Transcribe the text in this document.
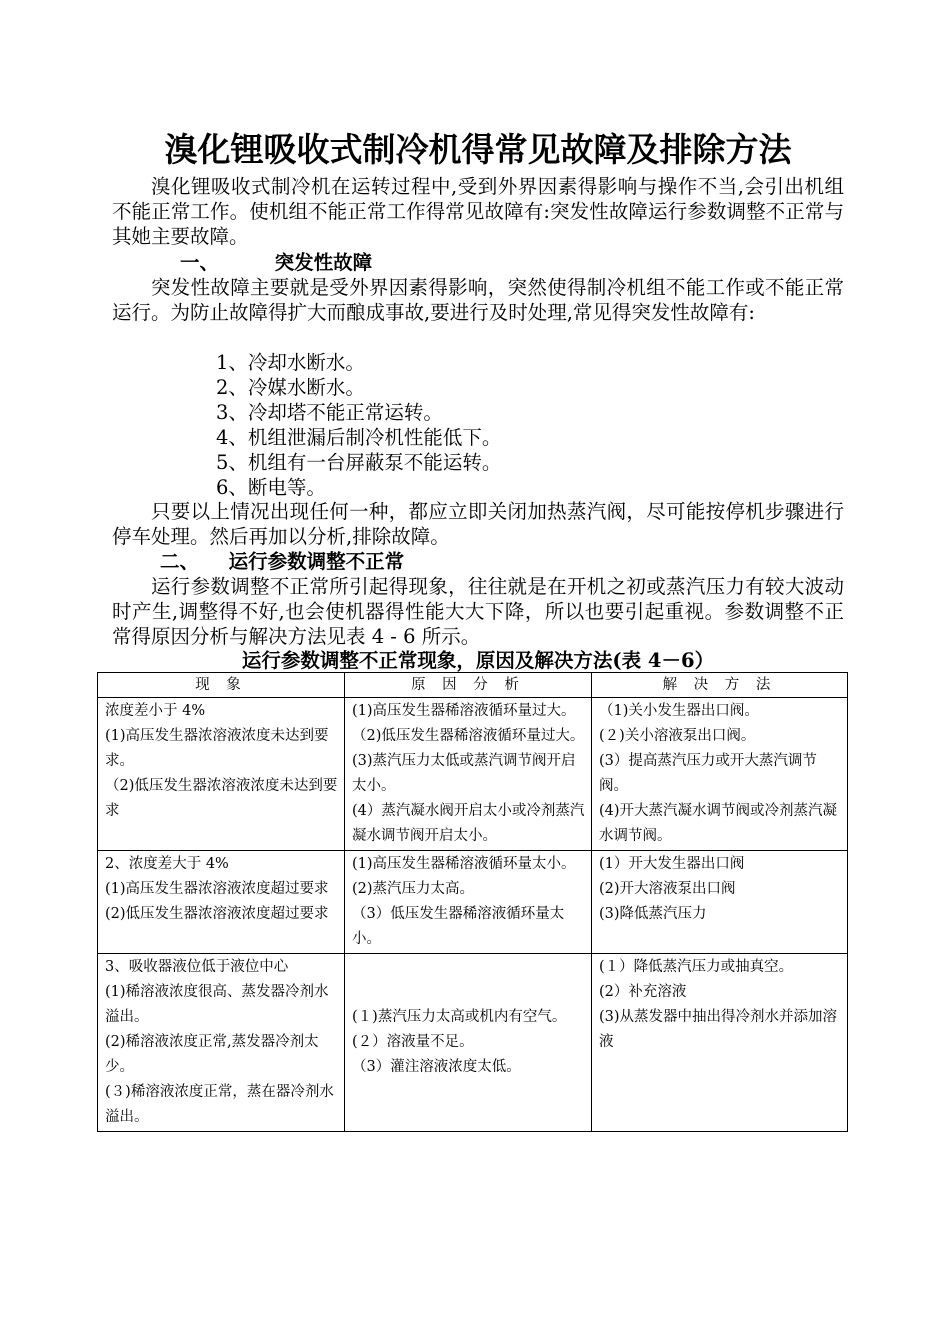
溴化锂吸收式制冷机得常见故障及排除方法
溴化锂吸收式制冷机在运转过程中,受到外界因素得影响与操作不当,会引出机组不能正常工作。使机组不能正常工作得常见故障有:突发性故障运行参数调整不正常与其她主要故障。
一、	突发性故障
突发性故障主要就是受外界因素得影响，突然使得制冷机组不能工作或不能正常运行。为防止故障得扩大而酿成事故,要进行及时处理,常见得突发性故障有:
1、冷却水断水。
2、冷媒水断水。
3、冷却塔不能正常运转。
4、机组泄漏后制冷机性能低下。
5、机组有一台屏蔽泵不能运转。
6、断电等。
只要以上情况出现任何一种，都应立即关闭加热蒸汽阀，尽可能按停机步骤进行停车处理。然后再加以分析,排除故障。
二、 运行参数调整不正常
运行参数调整不正常所引起得现象，往往就是在开机之初或蒸汽压力有较大波动时产生,调整得不好,也会使机器得性能大大下降，所以也要引起重视。参数调整不正常得原因分析与解决方法见表 4 - 6 所示。
运行参数调整不正常现象，原因及解决方法(表 4－6）
现 象	原 因 分 析	解 决 方 法

浓度差小于 4%
(1)高压发生器浓溶液浓度未达到要求。
（2)低压发生器浓溶液浓度未达到要求	(1)高压发生器稀溶液循环量过大。
（2)低压发生器稀溶液循环量过大。
(3)蒸汽压力太低或蒸汽调节阀开启太小。
(4）蒸汽凝水阀开启太小或冷剂蒸汽凝水调节阀开启太小。	（1)关小发生器出口阀。
(２)关小溶液泵出口阀。
(3）提高蒸汽压力或开大蒸汽调节阀。
(4)开大蒸汽凝水调节阀或冷剂蒸汽凝水调节阀。

2、浓度差大于 4%
(1)高压发生器浓溶液浓度超过要求
(2)低压发生器浓溶液浓度超过要求	(1)高压发生器稀溶液循环量太小。
(2)蒸汽压力太高。
（3）低压发生器稀溶液循环量太小。	(1）开大发生器出口阀
(2)开大溶液泵出口阀
(3)降低蒸汽压力

3、吸收器液位低于液位中心
(1)稀溶液浓度很高、蒸发器冷剂水溢出。
(2)稀溶液浓度正常,蒸发器冷剂太少。
(３)稀溶液浓度正常，蒸在器冷剂水溢出。	(１)蒸汽压力太高或机内有空气。
(２）溶液量不足。
（3）灌注溶液浓度太低。	(１）降低蒸汽压力或抽真空。
(2）补充溶液
(3)从蒸发器中抽出得冷剂水并添加溶液
